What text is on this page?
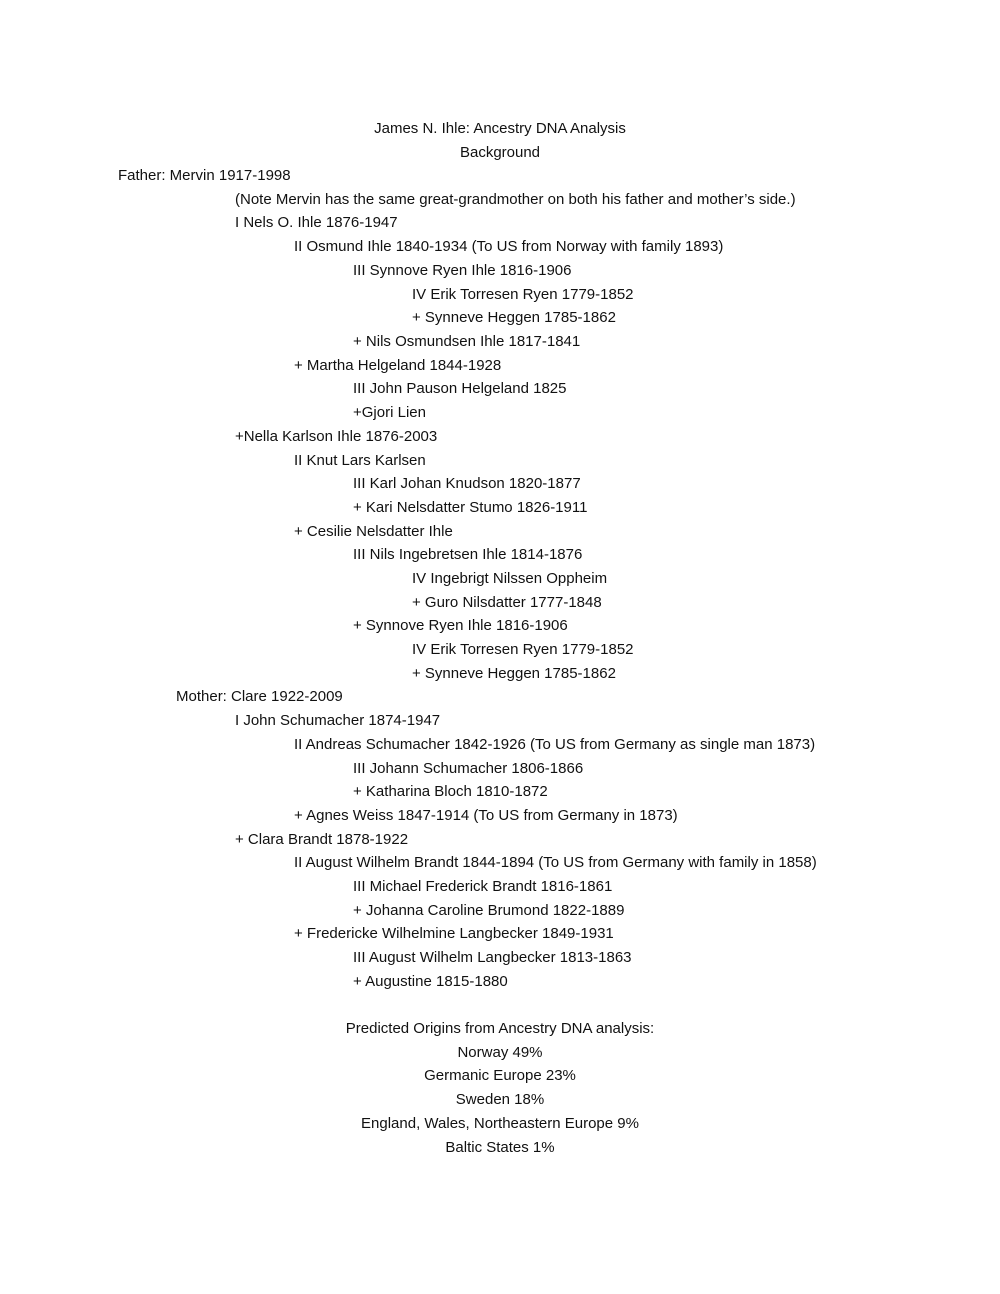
James N. Ihle: Ancestry DNA Analysis
Background
Father: Mervin 1917-1998
(Note Mervin has the same great-grandmother on both his father and mother’s side.)
I Nels O. Ihle 1876-1947
II Osmund Ihle 1840-1934 (To US from Norway with family 1893)
III Synnove Ryen Ihle 1816-1906
IV Erik Torresen Ryen 1779-1852
+ Synneve Heggen 1785-1862
+ Nils Osmundsen Ihle 1817-1841
+ Martha Helgeland 1844-1928
III John Pauson Helgeland 1825
+Gjori Lien
+Nella Karlson Ihle 1876-2003
II Knut Lars Karlsen
III Karl Johan Knudson 1820-1877
+ Kari Nelsdatter Stumo 1826-1911
+ Cesilie Nelsdatter Ihle
III Nils Ingebretsen Ihle 1814-1876
IV Ingebrigt Nilssen Oppheim
+ Guro Nilsdatter 1777-1848
+ Synnove Ryen Ihle 1816-1906
IV Erik Torresen Ryen 1779-1852
+ Synneve Heggen 1785-1862
Mother: Clare 1922-2009
I John Schumacher 1874-1947
II Andreas Schumacher 1842-1926 (To US from Germany as single man 1873)
III Johann Schumacher 1806-1866
+ Katharina Bloch 1810-1872
+ Agnes Weiss 1847-1914 (To US from Germany in 1873)
+ Clara Brandt 1878-1922
II August Wilhelm Brandt 1844-1894 (To US from Germany with family in 1858)
III Michael Frederick Brandt 1816-1861
+ Johanna Caroline Brumond 1822-1889
+ Fredericke Wilhelmine Langbecker 1849-1931
III August Wilhelm Langbecker 1813-1863
+ Augustine 1815-1880
Predicted Origins from Ancestry DNA analysis:
Norway 49%
Germanic Europe 23%
Sweden 18%
England, Wales, Northeastern Europe 9%
Baltic States 1%
